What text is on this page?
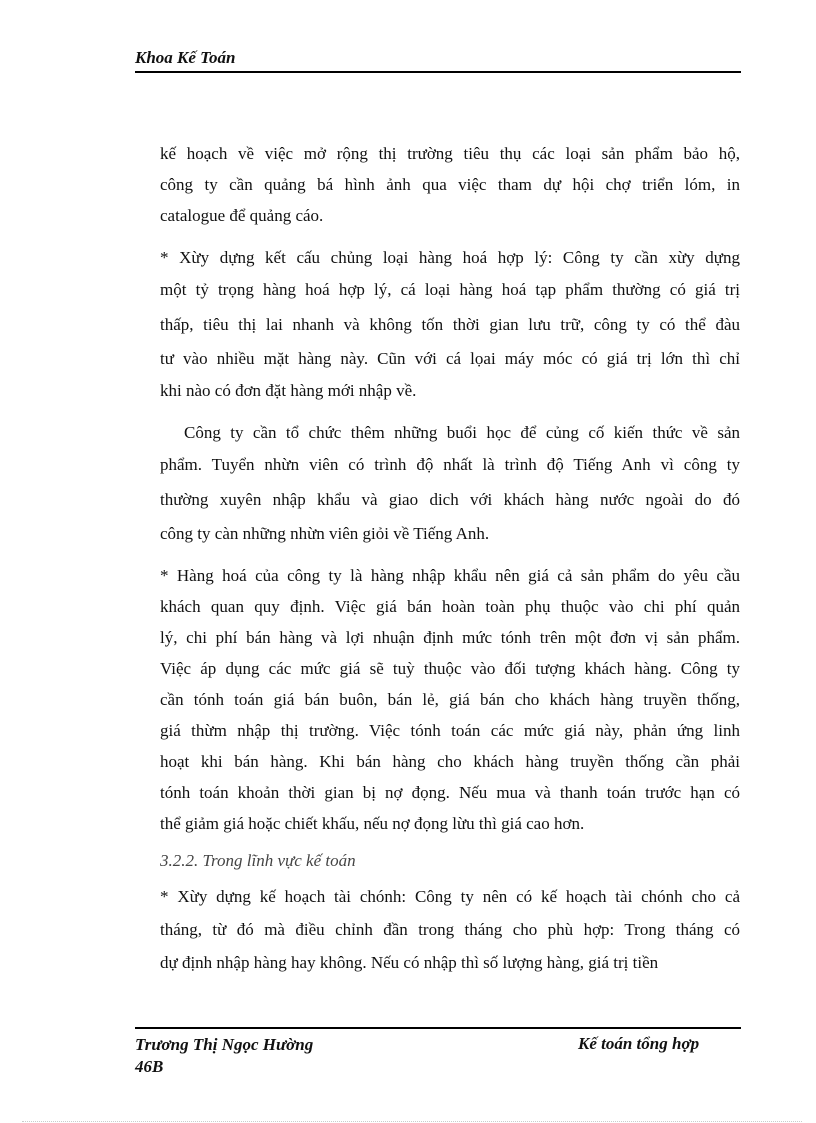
Khoa Kế Toán
kế hoạch về việc mở rộng thị trường tiêu thụ các loại sản phẩm bảo hộ,
công ty cần quảng bá hình ảnh qua việc tham dự hội chợ triển lóm, in
catalogue để quảng cáo.
* Xừy dựng kết cấu chủng loại hàng hoá hợp lý: Công ty cần xừy dựng
một tỷ trọng hàng hoá hợp lý, cá loại hàng hoá tạp phẩm thường có giá trị
thấp, tiêu thị lai nhanh và không tốn thời gian lưu trữ, công ty có thể đàu
tư vào nhiều mặt hàng này. Cũn với cá lọai máy móc có giá trị lớn thì chỉ
khi nào có đơn đặt hàng mới nhập về.
Công ty cần tổ chức thêm những buổi học để củng cố kiến thức về sản
phẩm. Tuyển nhừn viên có trình độ nhất là trình độ Tiếng Anh vì công ty
thường xuyên nhập khẩu và giao dich với khách hàng nước ngoài do đó
công ty càn những nhừn viên giỏi về Tiếng Anh.
* Hàng hoá của công ty là hàng nhập khẩu nên giá cả sản phẩm do yêu cầu
khách quan quy định. Việc giá bán hoàn toàn phụ thuộc vào chi phí quản
lý, chi phí bán hàng và lợi nhuận định mức tónh trên một đơn vị sản phẩm.
Việc áp dụng các mức giá sẽ tuỳ thuộc vào đối tượng khách hàng. Công ty
cần tónh toán giá bán buôn, bán lẻ, giá bán cho khách hàng truyền thống,
giá thừm nhập thị trường. Việc tónh toán các mức giá này, phản ứng linh
hoạt khi bán hàng. Khi bán hàng cho khách hàng truyền thống cần phải
tónh toán khoản thời gian bị nợ đọng. Nếu mua và thanh toán trước hạn có
thể giảm giá hoặc chiết khấu, nếu nợ đọng lừu thì giá cao hơn.
3.2.2. Trong lĩnh vực kế toán
* Xừy dựng kế hoạch tài chónh: Công ty nên có kế hoạch tài chónh cho cả
tháng, từ đó mà điều chỉnh đần trong tháng cho phù hợp: Trong tháng có
dự định nhập hàng hay không. Nếu có nhập thì số lượng hàng, giá trị tiền
Trương Thị Ngọc Hường
46B
Kế toán tổng hợp
